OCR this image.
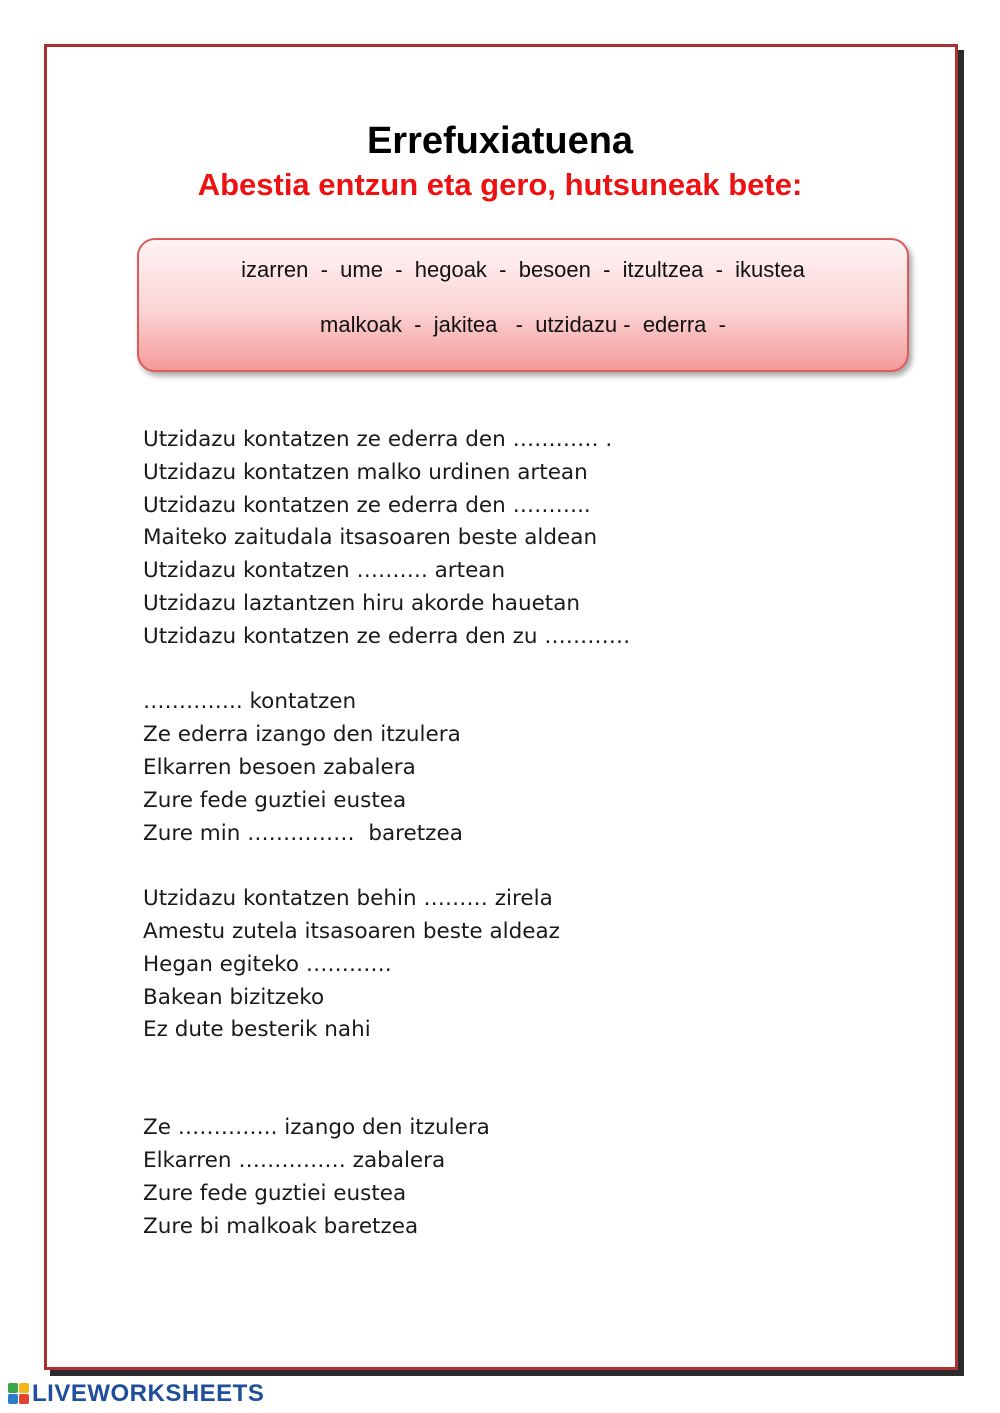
Errefuxiatuena
Abestia entzun eta gero, hutsuneak bete:
izarren  -  ume  -  hegoak  -  besoen  -  itzultzea  -  ikustea
malkoak  -  jakitea   -  utzidazu -  ederra  -
Utzidazu kontatzen ze ederra den ………… .
Utzidazu kontatzen malko urdinen artean
Utzidazu kontatzen ze ederra den ………..
Maiteko zaitudala itsasoaren beste aldean
Utzidazu kontatzen ………. artean
Utzidazu laztantzen hiru akorde hauetan
Utzidazu kontatzen ze ederra den zu …………
………….. kontatzen
Ze ederra izango den itzulera
Elkarren besoen zabalera
Zure fede guztiei eustea
Zure min ……………  baretzea
Utzidazu kontatzen behin ……… zirela
Amestu zutela itsasoaren beste aldeaz
Hegan egiteko …………
Bakean bizitzeko
Ez dute besterik nahi
Ze ………….. izango den itzulera
Elkarren …………… zabalera
Zure fede guztiei eustea
Zure bi malkoak baretzea
LIVEWORKSHEETS
